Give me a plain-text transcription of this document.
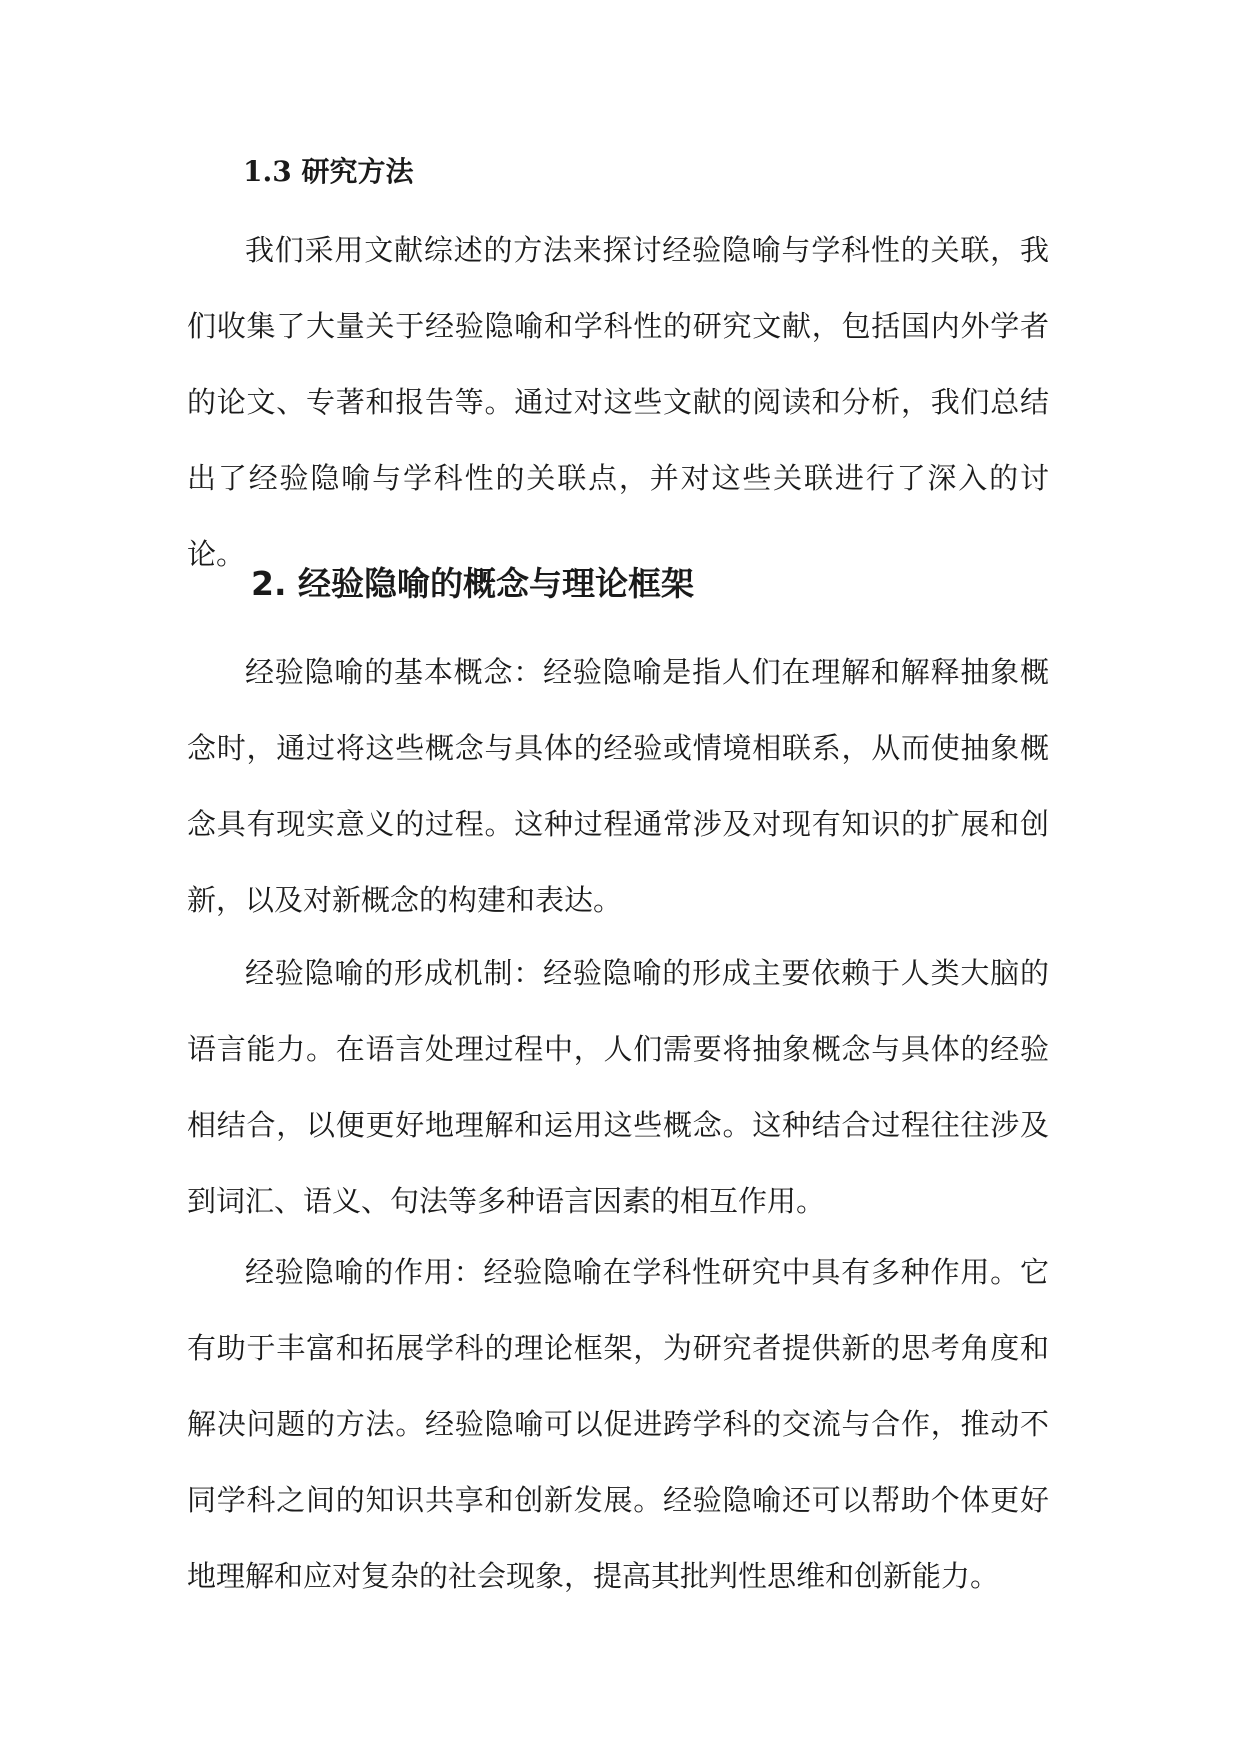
1.3 研究方法

我们采用文献综述的方法来探讨经验隐喻与学科性的关联，我们收集了大量关于经验隐喻和学科性的研究文献，包括国内外学者的论文、专著和报告等。通过对这些文献的阅读和分析，我们总结出了经验隐喻与学科性的关联点，并对这些关联进行了深入的讨论。

2. 经验隐喻的概念与理论框架

经验隐喻的基本概念：经验隐喻是指人们在理解和解释抽象概念时，通过将这些概念与具体的经验或情境相联系，从而使抽象概念具有现实意义的过程。这种过程通常涉及对现有知识的扩展和创新，以及对新概念的构建和表达。

经验隐喻的形成机制：经验隐喻的形成主要依赖于人类大脑的语言能力。在语言处理过程中，人们需要将抽象概念与具体的经验相结合，以便更好地理解和运用这些概念。这种结合过程往往涉及到词汇、语义、句法等多种语言因素的相互作用。

经验隐喻的作用：经验隐喻在学科性研究中具有多种作用。它有助于丰富和拓展学科的理论框架，为研究者提供新的思考角度和解决问题的方法。经验隐喻可以促进跨学科的交流与合作，推动不同学科之间的知识共享和创新发展。经验隐喻还可以帮助个体更好地理解和应对复杂的社会现象，提高其批判性思维和创新能力。
